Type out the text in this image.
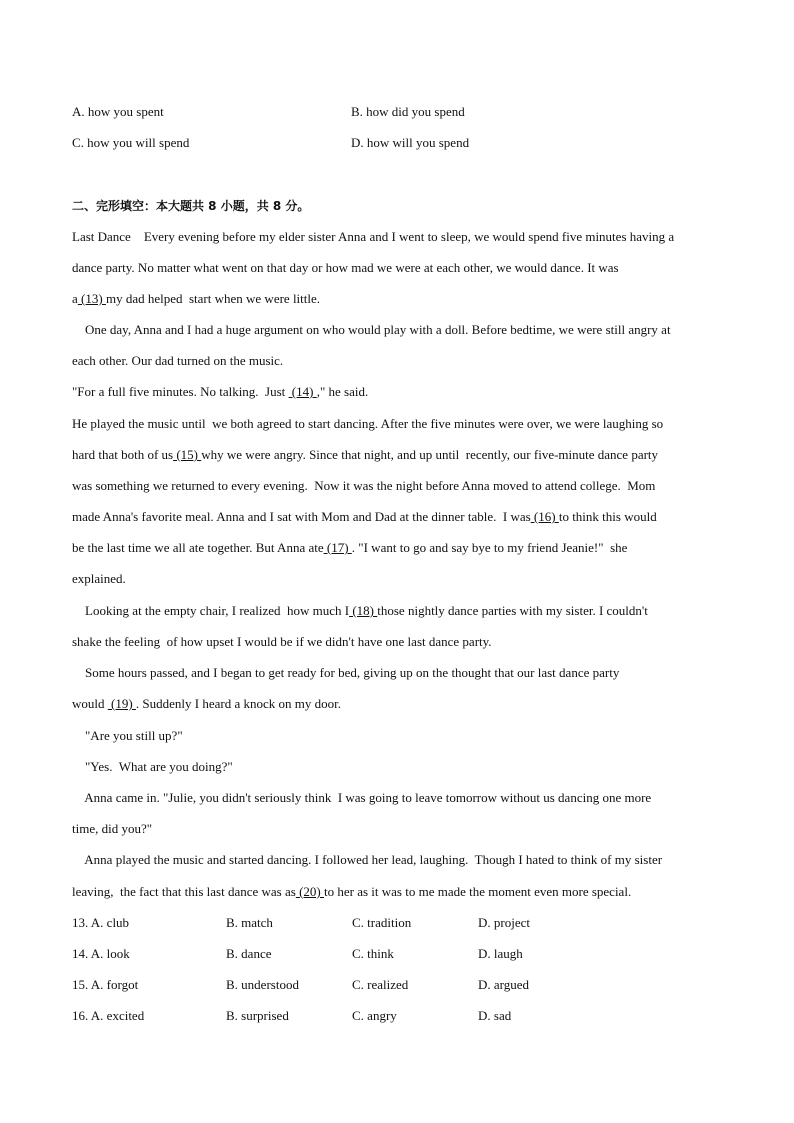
A. how you spent	B. how did you spend
C. how you will spend	D. how will you spend
二、完形填空：本大题共 8 小题，共 8 分。
Last Dance    Every evening before my elder sister Anna and I went to sleep, we would spend five minutes having a
dance party. No matter what went on that day or how mad we were at each other, we would dance. It was
a (13) my dad helped  start when we were little.
One day, Anna and I had a huge argument on who would play with a doll. Before bedtime, we were still angry at
each other. Our dad turned on the music.
"For a full five minutes. No talking.  Just  (14) ," he said.
He played the music until  we both agreed to start dancing. After the five minutes were over, we were laughing so
hard that both of us (15) why we were angry. Since that night, and up until  recently, our five-minute dance party
was something we returned to every evening.  Now it was the night before Anna moved to attend college.  Mom
made Anna's favorite meal. Anna and I sat with Mom and Dad at the dinner table.  I was (16) to think this would
be the last time we all ate together. But Anna ate (17) . "I want to go and say bye to my friend Jeanie!"  she
explained.
Looking at the empty chair, I realized  how much I (18) those nightly dance parties with my sister. I couldn't
shake the feeling  of how upset I would be if we didn't have one last dance party.
Some hours passed, and I began to get ready for bed, giving up on the thought that our last dance party
would  (19) . Suddenly I heard a knock on my door.
"Are you still up?"
"Yes.  What are you doing?"
Anna came in. "Julie, you didn't seriously think  I was going to leave tomorrow without us dancing one more
time, did you?"
Anna played the music and started dancing. I followed her lead, laughing.  Though I hated to think of my sister
leaving,  the fact that this last dance was as (20) to her as it was to me made the moment even more special.
13. A. club	B. match	C. tradition	D. project
14. A. look	B. dance	C. think	D. laugh
15. A. forgot	B. understood	C. realized	D. argued
16. A. excited	B. surprised	C. angry	D. sad
